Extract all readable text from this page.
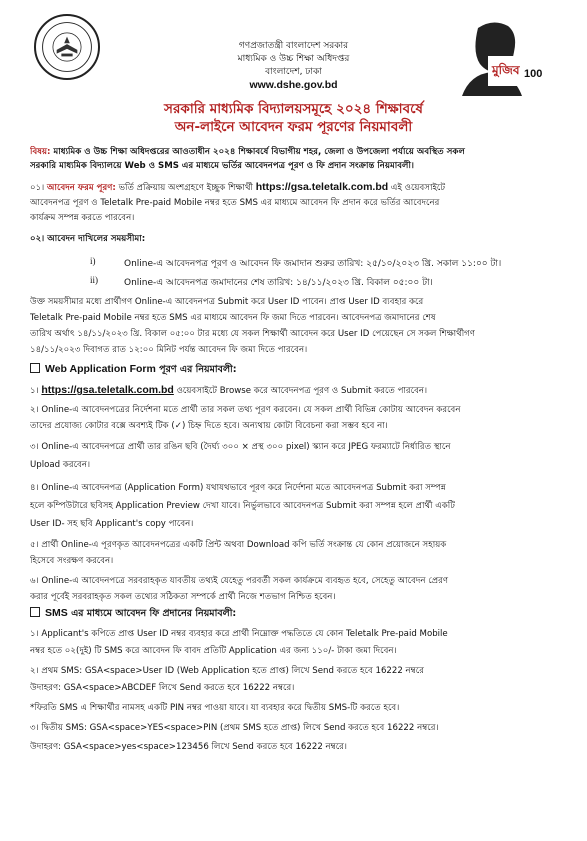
মুজিব 100
গণপ্রজাতন্ত্রী বাংলাদেশ সরকার
মাধ্যমিক ও উচ্চ শিক্ষা অধিদপ্তর
বাংলাদেশ, ঢাকা
www.dshe.gov.bd
সরকারি মাধ্যমিক বিদ্যালয়সমূহে ২০২৪ শিক্ষাবর্ষে
অন-লাইনে আবেদন ফরম পূরণের নিয়মাবলী
বিষয়: মাধ্যমিক ও উচ্চ শিক্ষা অধিদপ্তরের আওতাধীন ২০২৪ শিক্ষাবর্ষে বিভাগীয় শহর, জেলা ও উপজেলা পর্যায়ে অবস্থিত সকল
সরকারি মাধ্যমিক বিদ্যালয়ে Web ও SMS এর মাধ্যমে ভর্তির আবেদনপত্র পূরণ ও ফি প্রদান সংক্রান্ত নিয়মাবলী।
০১। আবেদন ফরম পূরণ: ভর্তি প্রক্রিয়ায় অংশগ্রহণে ইচ্ছুক শিক্ষার্থী https://gsa.teletalk.com.bd এই ওয়েবসাইটে
আবেদনপত্র পূরণ ও Teletalk Pre-paid Mobile নম্বর হতে SMS এর মাধ্যমে আবেদন ফি প্রদান করে ভর্তির আবেদনের
কার্যক্রম সম্পন্ন করতে পারবেন।
০২। আবেদন দাখিলের সময়সীমা:
i)	Online-এ আবেদনপত্র পূরণ ও আবেদন ফি জমাদান শুরুর তারিখ: ২৫/১০/২০২৩ খ্রি. সকাল ১১:০০ টা।
ii)	Online-এ আবেদনপত্র জমাদানের শেষ তারিখ: ১৪/১১/২০২৩ খ্রি. বিকাল ০৫:০০ টা।
উক্ত সময়সীমার মধ্যে প্রার্থীগণ Online-এ আবেদনপত্র Submit করে User ID পাবেন। প্রাপ্ত User ID ব্যবহার করে
Teletalk Pre-paid Mobile নম্বর হতে SMS এর মাধ্যমে আবেদন ফি জমা দিতে পারবেন। আবেদনপত্র জমাদানের শেষ
তারিখ অর্থাৎ ১৪/১১/২০২৩ খ্রি. বিকাল ০৫:০০ টার মধ্যে যে সকল শিক্ষার্থী আবেদন করে User ID পেয়েছেন সে সকল শিক্ষার্থীগণ
১৪/১১/২০২৩ দিবাগত রাত ১২:০০ মিনিট পর্যন্ত আবেদন ফি জমা দিতে পারবেন।
Web Application Form পূরণ এর নিয়মাবলী:
১। https://gsa.teletalk.com.bd ওয়েবসাইটে Browse করে আবেদনপত্র পূরণ ও Submit করতে পারবেন।
২। Online-এ আবেদনপত্রের নির্দেশনা মতে প্রার্থী তার সকল তথ্য পূরণ করবেন। যে সকল প্রার্থী বিভিন্ন কোটায় আবেদন করবেন
তাদের প্রযোজ্য কোটার বক্সে অবশ্যই টিক (✓) চিহ্ন দিতে হবে। অন্যথায় কোটা বিবেচনা করা সম্ভব হবে না।
৩। Online-এ আবেদনপত্রে প্রার্থী তার রঙিন ছবি (দৈর্ঘ্য ৩০০ × প্রস্থ ৩০০ pixel) স্ক্যান করে JPEG ফরম্যাটে নির্ধারিত স্থানে
Upload করবেন।
৪। Online-এ আবেদনপত্র (Application Form) যথাযথভাবে পূরণ করে নির্দেশনা মতে আবেদনপত্র Submit করা সম্পন্ন
হলে কম্পিউটারে ছবিসহ Application Preview দেখা যাবে। নির্ভুলভাবে আবেদনপত্র Submit করা সম্পন্ন হলে প্রার্থী একটি
User ID- সহ ছবি Applicant's copy পাবেন।
৫। প্রার্থী Online-এ পূরণকৃত আবেদনপত্রের একটি প্রিন্ট অথবা Download কপি ভর্তি সংক্রান্ত যে কোন প্রয়োজনে সহায়ক
হিসেবে সংরক্ষণ করবেন।
৬। Online-এ আবেদনপত্রে সরবরাহকৃত যাবতীয় তথ্যই যেহেতু পরবর্তী সকল কার্যক্রমে ব্যবহৃত হবে, সেহেতু আবেদন প্রেরণ
করার পূর্বেই সরবরাহকৃত সকল তথ্যের সঠিকতা সম্পর্কে প্রার্থী নিজে শতভাগ নিশ্চিত হবেন।
SMS এর মাধ্যমে আবেদন ফি প্রদানের নিয়মাবলী:
১। Applicant's কপিতে প্রাপ্ত User ID নম্বর ব্যবহার করে প্রার্থী নিম্নোক্ত পদ্ধতিতে যে কোন Teletalk Pre-paid Mobile
নম্বর হতে ০২(দুই) টি SMS করে আবেদন ফি বাবদ প্রতিটি Application এর জন্য ১১০/- টাকা জমা দিবেন।
২। প্রথম SMS: GSA<space>User ID (Web Application হতে প্রাপ্ত) লিখে Send করতে হবে 16222 নম্বরে
উদাহরণ: GSA<space>ABCDEF লিখে Send করতে হবে 16222 নম্বরে।
*ফিরতি SMS এ শিক্ষার্থীর নামসহ একটি PIN নম্বর পাওয়া যাবে। যা ব্যবহার করে দ্বিতীয় SMS-টি করতে হবে।
৩। দ্বিতীয় SMS: GSA<space>YES<space>PIN (প্রথম SMS হতে প্রাপ্ত) লিখে Send করতে হবে 16222 নম্বরে।
উদাহরণ: GSA<space>yes<space>123456 লিখে Send করতে হবে 16222 নম্বরে।
